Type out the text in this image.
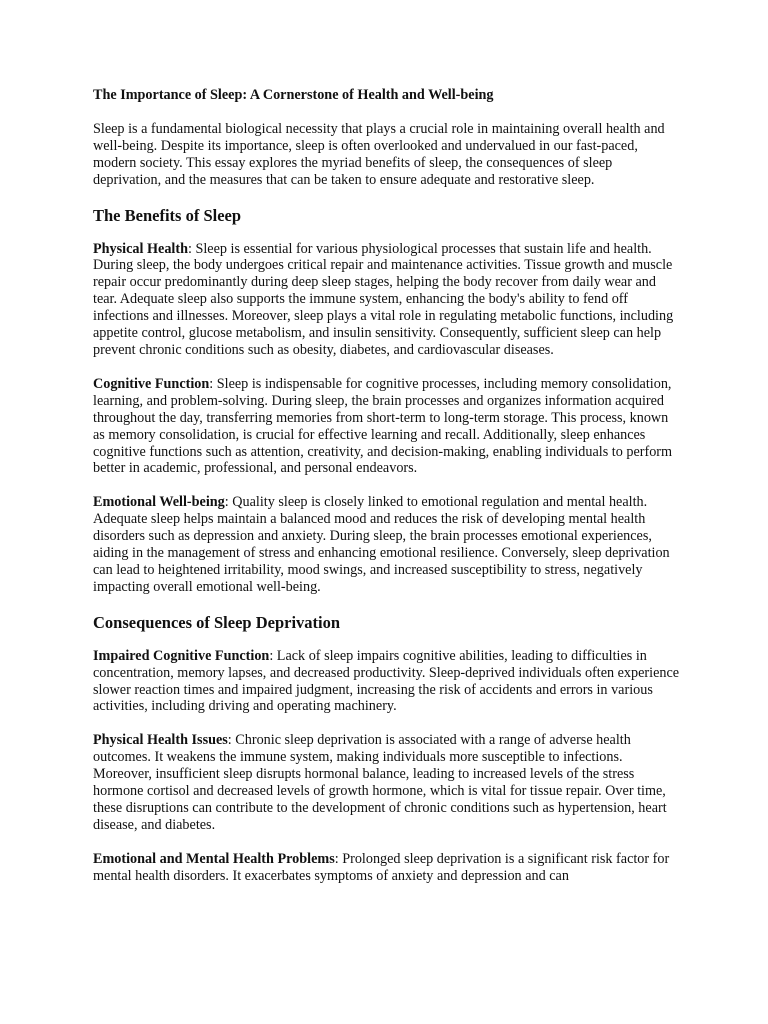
The Importance of Sleep: A Cornerstone of Health and Well-being

Sleep is a fundamental biological necessity that plays a crucial role in maintaining overall health and well-being. Despite its importance, sleep is often overlooked and undervalued in our fast-paced, modern society. This essay explores the myriad benefits of sleep, the consequences of sleep deprivation, and the measures that can be taken to ensure adequate and restorative sleep.

The Benefits of Sleep

Physical Health: Sleep is essential for various physiological processes that sustain life and health. During sleep, the body undergoes critical repair and maintenance activities. Tissue growth and muscle repair occur predominantly during deep sleep stages, helping the body recover from daily wear and tear. Adequate sleep also supports the immune system, enhancing the body's ability to fend off infections and illnesses. Moreover, sleep plays a vital role in regulating metabolic functions, including appetite control, glucose metabolism, and insulin sensitivity. Consequently, sufficient sleep can help prevent chronic conditions such as obesity, diabetes, and cardiovascular diseases.

Cognitive Function: Sleep is indispensable for cognitive processes, including memory consolidation, learning, and problem-solving. During sleep, the brain processes and organizes information acquired throughout the day, transferring memories from short-term to long-term storage. This process, known as memory consolidation, is crucial for effective learning and recall. Additionally, sleep enhances cognitive functions such as attention, creativity, and decision-making, enabling individuals to perform better in academic, professional, and personal endeavors.

Emotional Well-being: Quality sleep is closely linked to emotional regulation and mental health. Adequate sleep helps maintain a balanced mood and reduces the risk of developing mental health disorders such as depression and anxiety. During sleep, the brain processes emotional experiences, aiding in the management of stress and enhancing emotional resilience. Conversely, sleep deprivation can lead to heightened irritability, mood swings, and increased susceptibility to stress, negatively impacting overall emotional well-being.

Consequences of Sleep Deprivation

Impaired Cognitive Function: Lack of sleep impairs cognitive abilities, leading to difficulties in concentration, memory lapses, and decreased productivity. Sleep-deprived individuals often experience slower reaction times and impaired judgment, increasing the risk of accidents and errors in various activities, including driving and operating machinery.

Physical Health Issues: Chronic sleep deprivation is associated with a range of adverse health outcomes. It weakens the immune system, making individuals more susceptible to infections. Moreover, insufficient sleep disrupts hormonal balance, leading to increased levels of the stress hormone cortisol and decreased levels of growth hormone, which is vital for tissue repair. Over time, these disruptions can contribute to the development of chronic conditions such as hypertension, heart disease, and diabetes.

Emotional and Mental Health Problems: Prolonged sleep deprivation is a significant risk factor for mental health disorders. It exacerbates symptoms of anxiety and depression and can
